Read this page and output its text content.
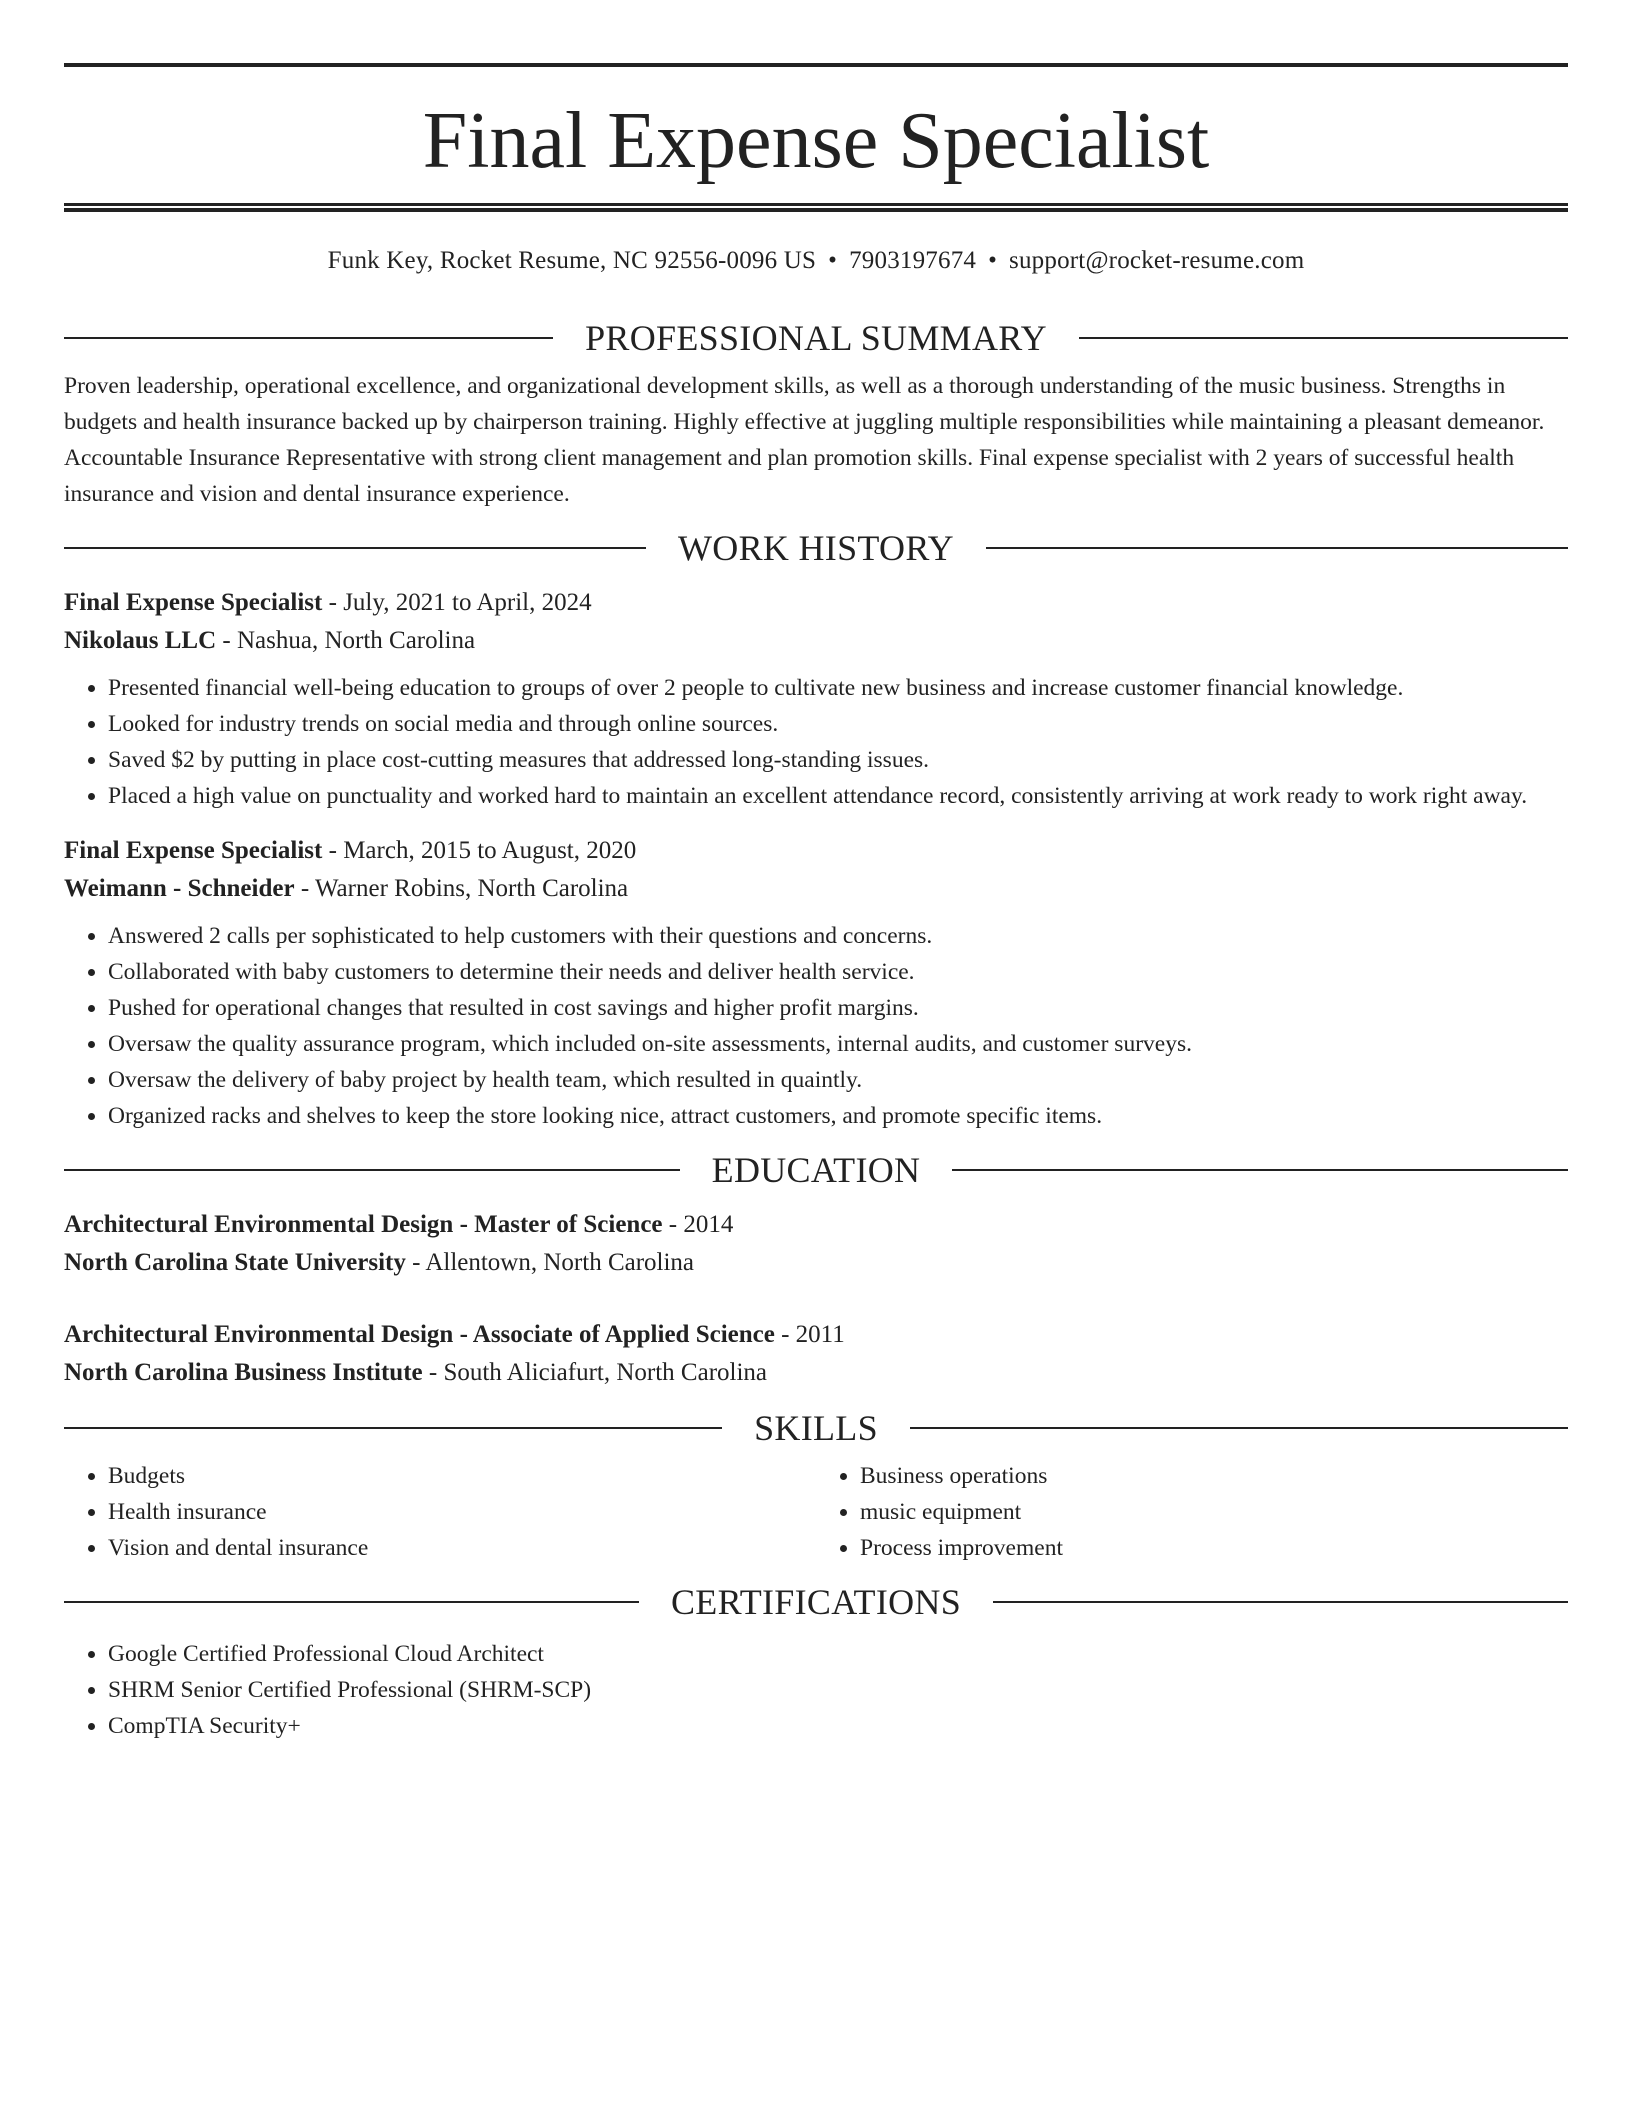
Final Expense Specialist
Funk Key, Rocket Resume, NC 92556-0096 US • 7903197674 • support@rocket-resume.com
PROFESSIONAL SUMMARY
Proven leadership, operational excellence, and organizational development skills, as well as a thorough understanding of the music business. Strengths in budgets and health insurance backed up by chairperson training. Highly effective at juggling multiple responsibilities while maintaining a pleasant demeanor. Accountable Insurance Representative with strong client management and plan promotion skills. Final expense specialist with 2 years of successful health insurance and vision and dental insurance experience.
WORK HISTORY
Final Expense Specialist - July, 2021 to April, 2024
Nikolaus LLC - Nashua, North Carolina
• Presented financial well-being education to groups of over 2 people to cultivate new business and increase customer financial knowledge.
• Looked for industry trends on social media and through online sources.
• Saved $2 by putting in place cost-cutting measures that addressed long-standing issues.
• Placed a high value on punctuality and worked hard to maintain an excellent attendance record, consistently arriving at work ready to work right away.
Final Expense Specialist - March, 2015 to August, 2020
Weimann - Schneider - Warner Robins, North Carolina
• Answered 2 calls per sophisticated to help customers with their questions and concerns.
• Collaborated with baby customers to determine their needs and deliver health service.
• Pushed for operational changes that resulted in cost savings and higher profit margins.
• Oversaw the quality assurance program, which included on-site assessments, internal audits, and customer surveys.
• Oversaw the delivery of baby project by health team, which resulted in quaintly.
• Organized racks and shelves to keep the store looking nice, attract customers, and promote specific items.
EDUCATION
Architectural Environmental Design - Master of Science - 2014
North Carolina State University - Allentown, North Carolina
Architectural Environmental Design - Associate of Applied Science - 2011
North Carolina Business Institute - South Aliciafurt, North Carolina
SKILLS
• Budgets
• Health insurance
• Vision and dental insurance
• Business operations
• music equipment
• Process improvement
CERTIFICATIONS
• Google Certified Professional Cloud Architect
• SHRM Senior Certified Professional (SHRM-SCP)
• CompTIA Security+
